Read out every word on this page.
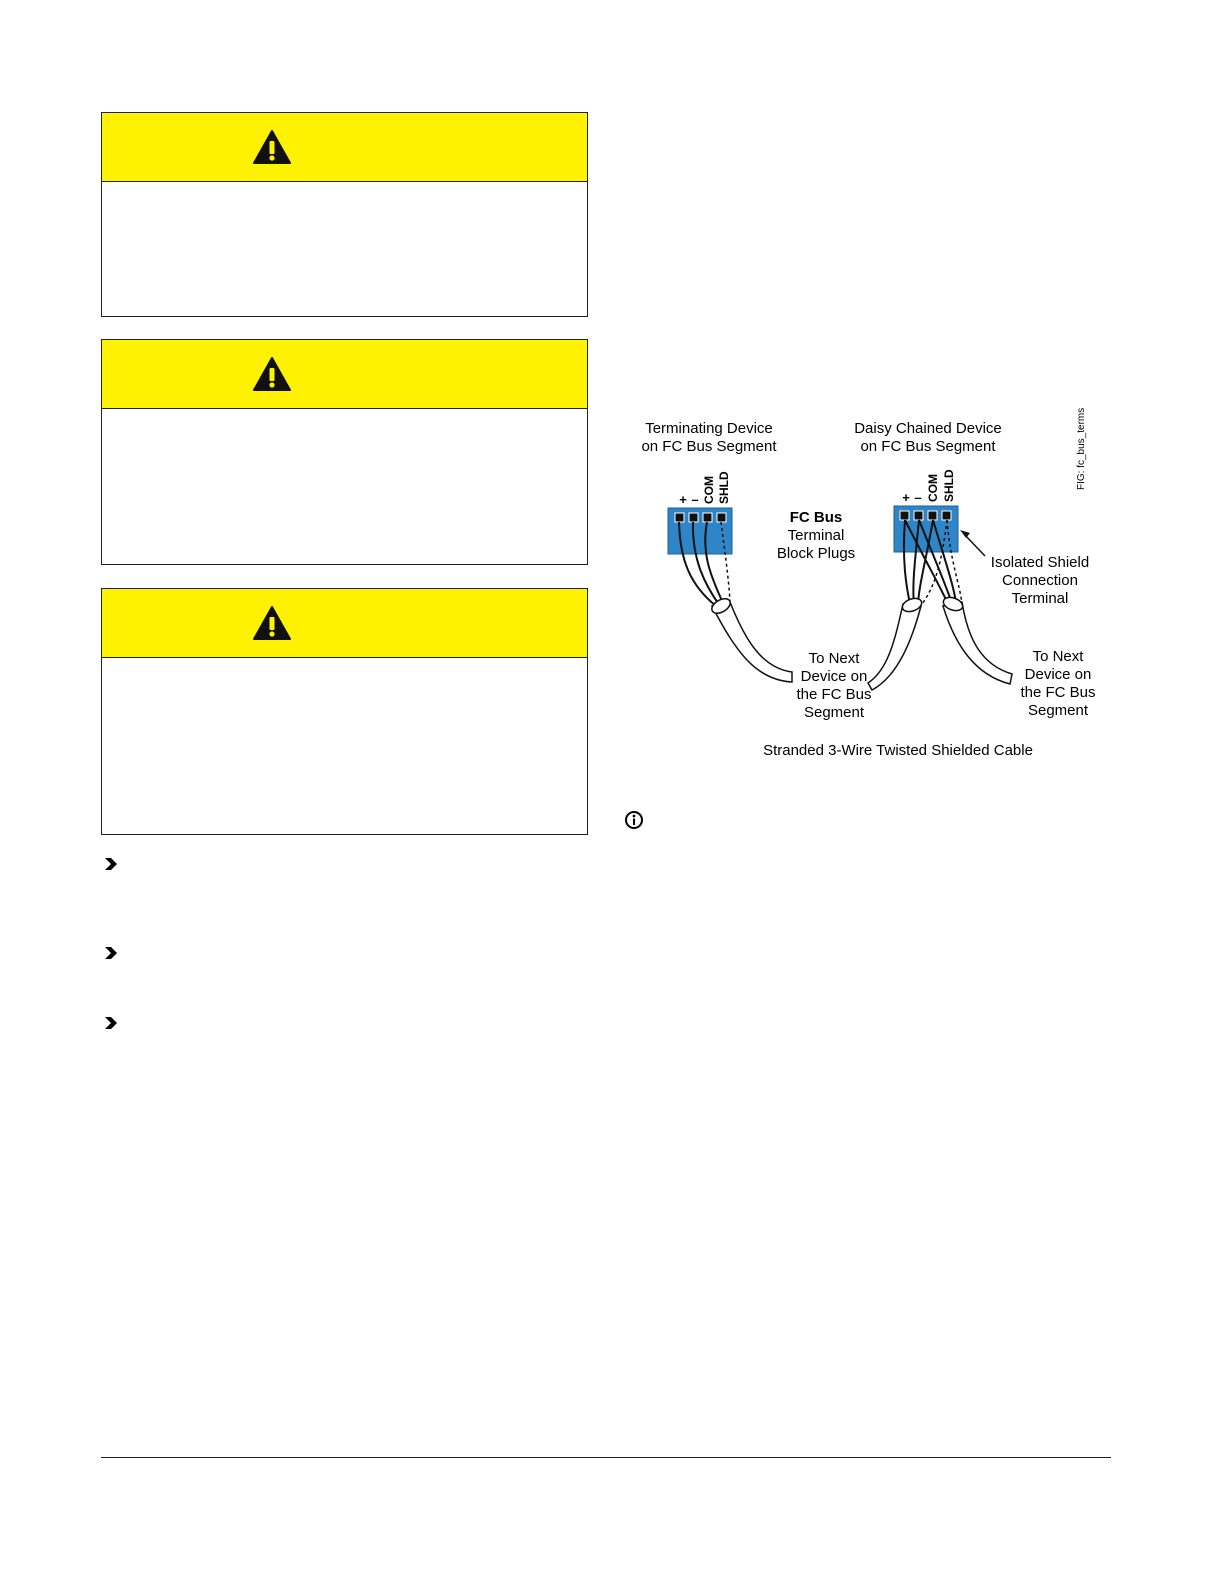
FIG: fc_bus_terms
Terminating Device
on FC Bus Segment
Daisy Chained Device
on FC Bus Segment
+ – COM SHLD	+ – COM SHLD
FC Bus
Terminal
Block Plugs
Isolated Shield
Connection
Terminal
To Next
Device on
the FC Bus
Segment
To Next
Device on
the FC Bus
Segment
Stranded 3-Wire Twisted Shielded Cable
